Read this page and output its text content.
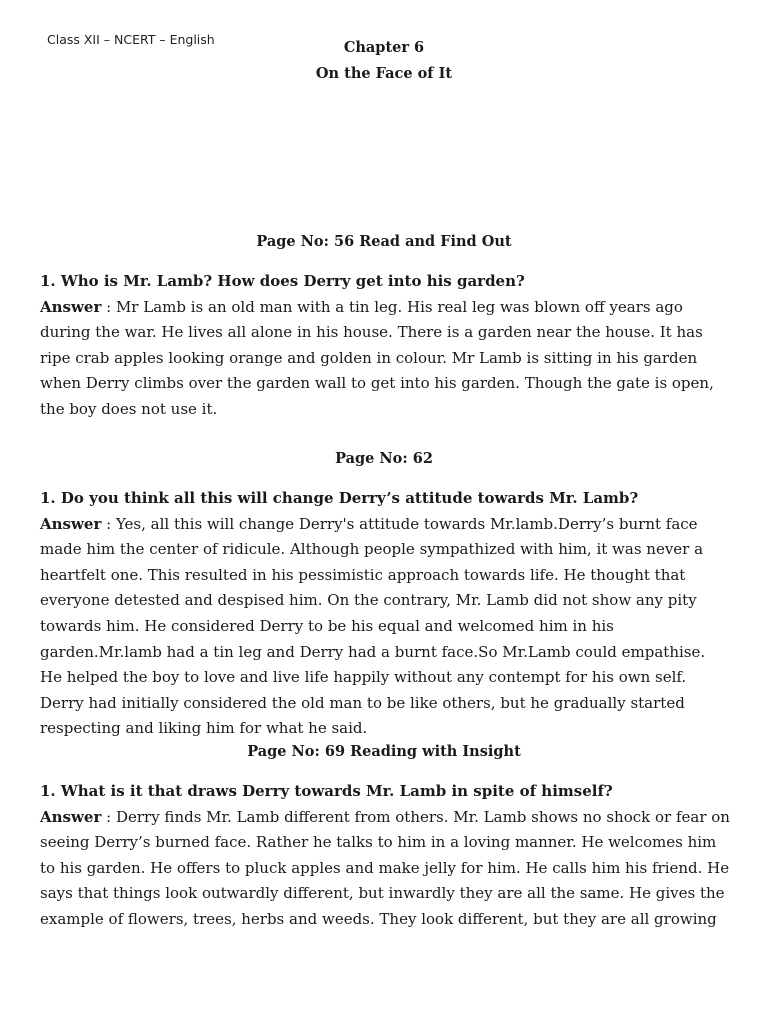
Class XII – NCERT – English	Chapter 6
On the Face of It
Page No: 56 Read and Find Out

1. Who is Mr. Lamb? How does Derry get into his garden?

Answer : Mr Lamb is an old man with a tin leg. His real leg was blown off years ago during the war. He lives all alone in his house. There is a garden near the house. It has ripe crab apples looking orange and golden in colour. Mr Lamb is sitting in his garden when Derry climbs over the garden wall to get into his garden. Though the gate is open, the boy does not use it.

Page No: 62

1. Do you think all this will change Derry’s attitude towards Mr. Lamb?

Answer : Yes, all this will change Derry's attitude towards Mr.lamb.Derry’s burnt face made him the center of ridicule. Although people sympathized with him, it was never a heartfelt one. This resulted in his pessimistic approach towards life. He thought that everyone detested and despised him. On the contrary, Mr. Lamb did not show any pity towards him. He considered Derry to be his equal and welcomed him in his garden.Mr.lamb had a tin leg and Derry had a burnt face.So Mr.Lamb could empathise. He helped the boy to love and live life happily without any contempt for his own self. Derry had initially considered the old man to be like others, but he gradually started respecting and liking him for what he said.

Page No: 69 Reading with Insight

1. What is it that draws Derry towards Mr. Lamb in spite of himself?

Answer : Derry finds Mr. Lamb different from others. Mr. Lamb shows no shock or fear on seeing Derry’s burned face. Rather he talks to him in a loving manner. He welcomes him to his garden. He offers to pluck apples and make jelly for him. He calls him his friend. He says that things look outwardly different, but inwardly they are all the same. He gives the example of flowers, trees, herbs and weeds. They look different, but they are all growing
